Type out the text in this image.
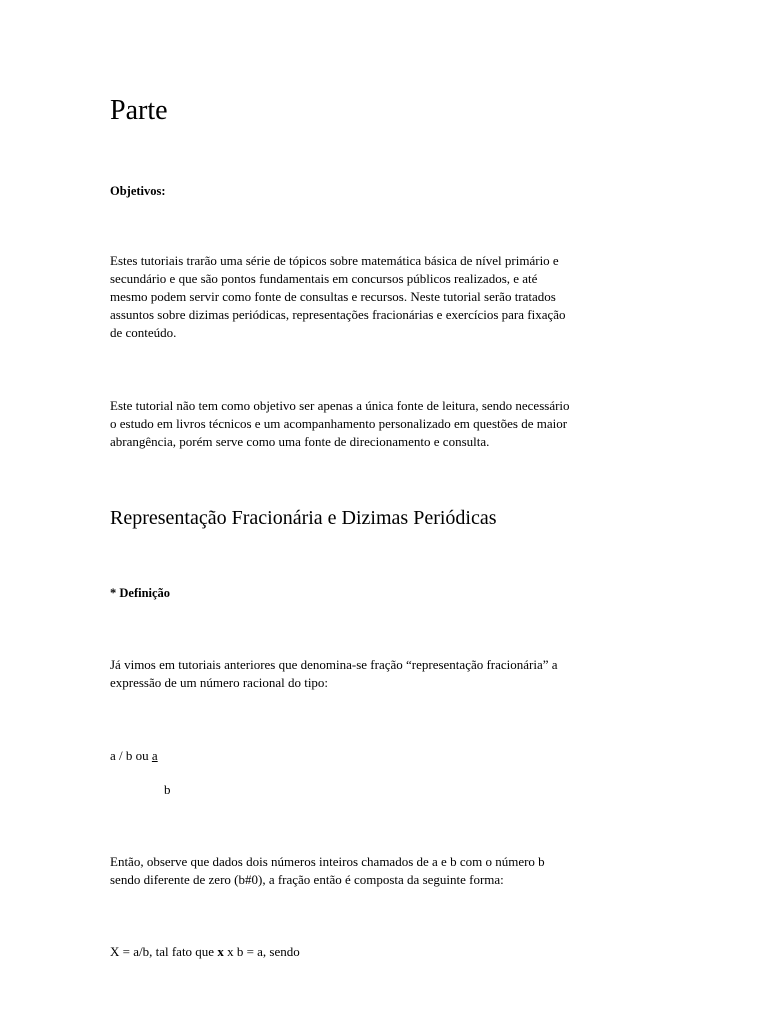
Parte

Objetivos:

Estes tutoriais trarão uma série de tópicos sobre matemática básica de nível primário e
secundário e que são pontos fundamentais em concursos públicos realizados, e até
mesmo podem servir como fonte de consultas e recursos. Neste tutorial serão tratados
assuntos sobre dizimas periódicas, representações fracionárias e exercícios para fixação
de conteúdo.

Este tutorial não tem como objetivo ser apenas a única fonte de leitura, sendo necessário
o estudo em livros técnicos e um acompanhamento personalizado em questões de maior
abrangência, porém serve como uma fonte de direcionamento e consulta.

Representação Fracionária e Dizimas Periódicas

* Definição

Já vimos em tutoriais anteriores que denomina-se fração “representação fracionária” a
expressão de um número racional do tipo:

a / b ou a

b

Então, observe que dados dois números inteiros chamados de a e b com o número b
sendo diferente de zero (b#0), a fração então é composta da seguinte forma:

X = a/b, tal fato que x x b = a, sendo
